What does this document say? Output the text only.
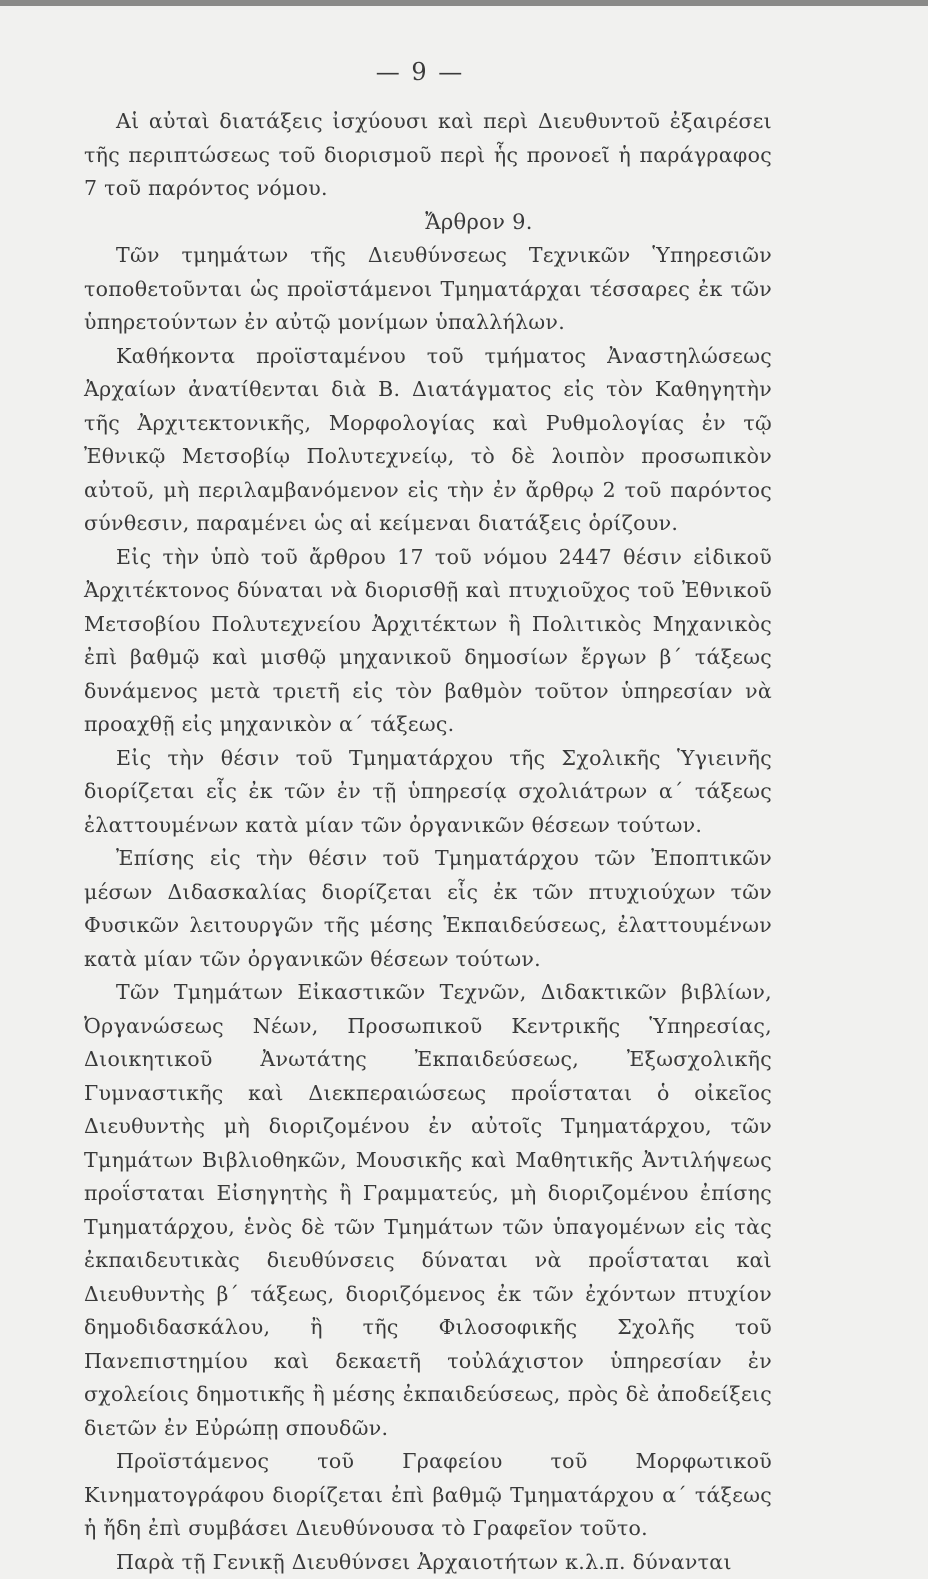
— 9 —

Αἱ αὐταὶ διατάξεις ἰσχύουσι καὶ περὶ Διευθυντοῦ ἐξαιρέσει τῆς περιπτώσεως τοῦ διορισμοῦ περὶ ἧς προνοεῖ ἡ παράγραφος 7 τοῦ παρόντος νόμου.

Ἄρθρον 9.

Τῶν τμημάτων τῆς Διευθύνσεως Τεχνικῶν Ὑπηρεσιῶν τοποθετοῦνται ὡς προϊστάμενοι Τμηματάρχαι τέσσαρες ἐκ τῶν ὑπηρετούντων ἐν αὐτῷ μονίμων ὑπαλλήλων.

Καθήκοντα προϊσταμένου τοῦ τμήματος Ἀναστηλώσεως Ἀρχαίων ἀνατίθενται διὰ Β. Διατάγματος εἰς τὸν Καθηγητὴν τῆς Ἀρχιτεκτονικῆς, Μορφολογίας καὶ Ρυθμολογίας ἐν τῷ Ἐθνικῷ Μετσοβίῳ Πολυτεχνείῳ, τὸ δὲ λοιπὸν προσωπικὸν αὐτοῦ, μὴ περιλαμβανόμενον εἰς τὴν ἐν ἄρθρῳ 2 τοῦ παρόντος σύνθεσιν, παραμένει ὡς αἱ κείμεναι διατάξεις ὁρίζουν.

Εἰς τὴν ὑπὸ τοῦ ἄρθρου 17 τοῦ νόμου 2447 θέσιν εἰδικοῦ Ἀρχιτέκτονος δύναται νὰ διορισθῇ καὶ πτυχιοῦχος τοῦ Ἐθνικοῦ Μετσοβίου Πολυτεχνείου Ἀρχιτέκτων ἢ Πολιτικὸς Μηχανικὸς ἐπὶ βαθμῷ καὶ μισθῷ μηχανικοῦ δημοσίων ἔργων β΄ τάξεως δυνάμενος μετὰ τριετῆ εἰς τὸν βαθμὸν τοῦτον ὑπηρεσίαν νὰ προαχθῇ εἰς μηχανικὸν α΄ τάξεως.

Εἰς τὴν θέσιν τοῦ Τμηματάρχου τῆς Σχολικῆς Ὑγιεινῆς διορίζεται εἷς ἐκ τῶν ἐν τῇ ὑπηρεσίᾳ σχολιάτρων α΄ τάξεως ἐλαττουμένων κατὰ μίαν τῶν ὀργανικῶν θέσεων τούτων.

Ἐπίσης εἰς τὴν θέσιν τοῦ Τμηματάρχου τῶν Ἐποπτικῶν μέσων Διδασκαλίας διορίζεται εἷς ἐκ τῶν πτυχιούχων τῶν Φυσικῶν λειτουργῶν τῆς μέσης Ἐκπαιδεύσεως, ἐλαττουμένων κατὰ μίαν τῶν ὀργανικῶν θέσεων τούτων.

Τῶν Τμημάτων Εἰκαστικῶν Τεχνῶν, Διδακτικῶν βιβλίων, Ὀργανώσεως Νέων, Προσωπικοῦ Κεντρικῆς Ὑπηρεσίας, Διοικητικοῦ Ἀνωτάτης Ἐκπαιδεύσεως, Ἐξωσχολικῆς Γυμναστικῆς καὶ Διεκπεραιώσεως προΐσταται ὁ οἰκεῖος Διευθυντὴς μὴ διοριζομένου ἐν αὐτοῖς Τμηματάρχου, τῶν Τμημάτων Βιβλιοθηκῶν, Μουσικῆς καὶ Μαθητικῆς Ἀντιλήψεως προΐσταται Εἰσηγητὴς ἢ Γραμματεύς, μὴ διοριζομένου ἐπίσης Τμηματάρχου, ἑνὸς δὲ τῶν Τμημάτων τῶν ὑπαγομένων εἰς τὰς ἐκπαιδευτικὰς διευθύνσεις δύναται νὰ προΐσταται καὶ Διευθυντὴς β΄ τάξεως, διοριζόμενος ἐκ τῶν ἐχόντων πτυχίον δημοδιδασκάλου, ἢ τῆς Φιλοσοφικῆς Σχολῆς τοῦ Πανεπιστημίου καὶ δεκαετῆ τοὐλάχιστον ὑπηρεσίαν ἐν σχολείοις δημοτικῆς ἢ μέσης ἐκπαιδεύσεως, πρὸς δὲ ἀποδείξεις διετῶν ἐν Εὐρώπῃ σπουδῶν.

Προϊστάμενος τοῦ Γραφείου τοῦ Μορφωτικοῦ Κινηματογράφου διορίζεται ἐπὶ βαθμῷ Τμηματάρχου α΄ τάξεως ἡ ἤδη ἐπὶ συμβάσει Διευθύνουσα τὸ Γραφεῖον τοῦτο.

Παρὰ τῇ Γενικῇ Διευθύνσει Ἀρχαιοτήτων κ.λ.π. δύνανται
